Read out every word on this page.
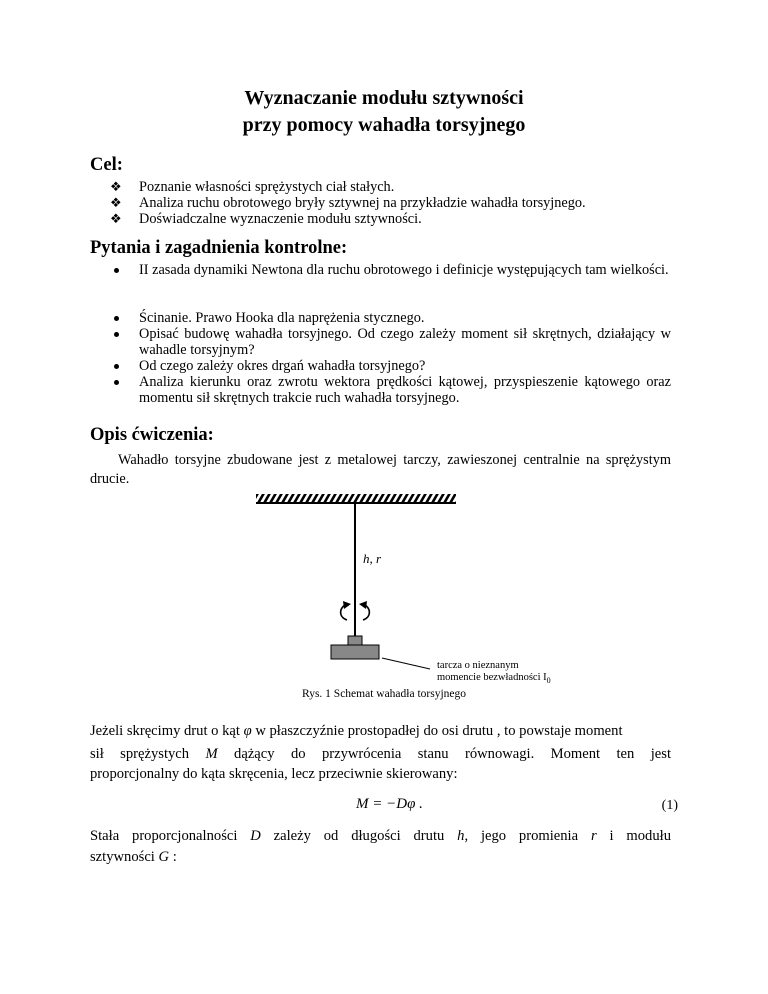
Wyznaczanie modułu sztywności
przy pomocy wahadła torsyjnego
Cel:
❖ Poznanie własności sprężystych ciał stałych.
❖ Analiza ruchu obrotowego bryły sztywnej na przykładzie wahadła torsyjnego.
❖ Doświadczalne wyznaczenie modułu sztywności.
Pytania i zagadnienia kontrolne:
II zasada dynamiki Newtona dla ruchu obrotowego i definicje występujących tam wielkości.
Ścinanie. Prawo Hooka dla naprężenia stycznego.
Opisać budowę wahadła torsyjnego. Od czego zależy moment sił skrętnych, działający w wahadle torsyjnym?
Od czego zależy okres drgań wahadła torsyjnego?
Analiza kierunku oraz zwrotu wektora prędkości kątowej, przyspieszenie kątowego oraz momentu sił skrętnych trakcie ruch wahadła torsyjnego.
Opis ćwiczenia:
Wahadło torsyjne zbudowane jest z metalowej tarczy, zawieszonej centralnie na sprężystym drucie.
h, r
tarcza o nieznanym
momencie bezwładności $I_0$
Rys. 1 Schemat wahadła torsyjnego
Jeżeli skręcimy drut o kąt φ w płaszczyźnie prostopadłej do osi drutu , to powstaje moment
sił sprężystych M dążący do przywrócenia stanu równowagi. Moment ten jest
proporcjonalny do kąta skręcenia, lecz przeciwnie skierowany:
M = −Dφ .	(1)
Stała proporcjonalności D zależy od długości drutu h, jego promienia r i modułu
sztywności G :
